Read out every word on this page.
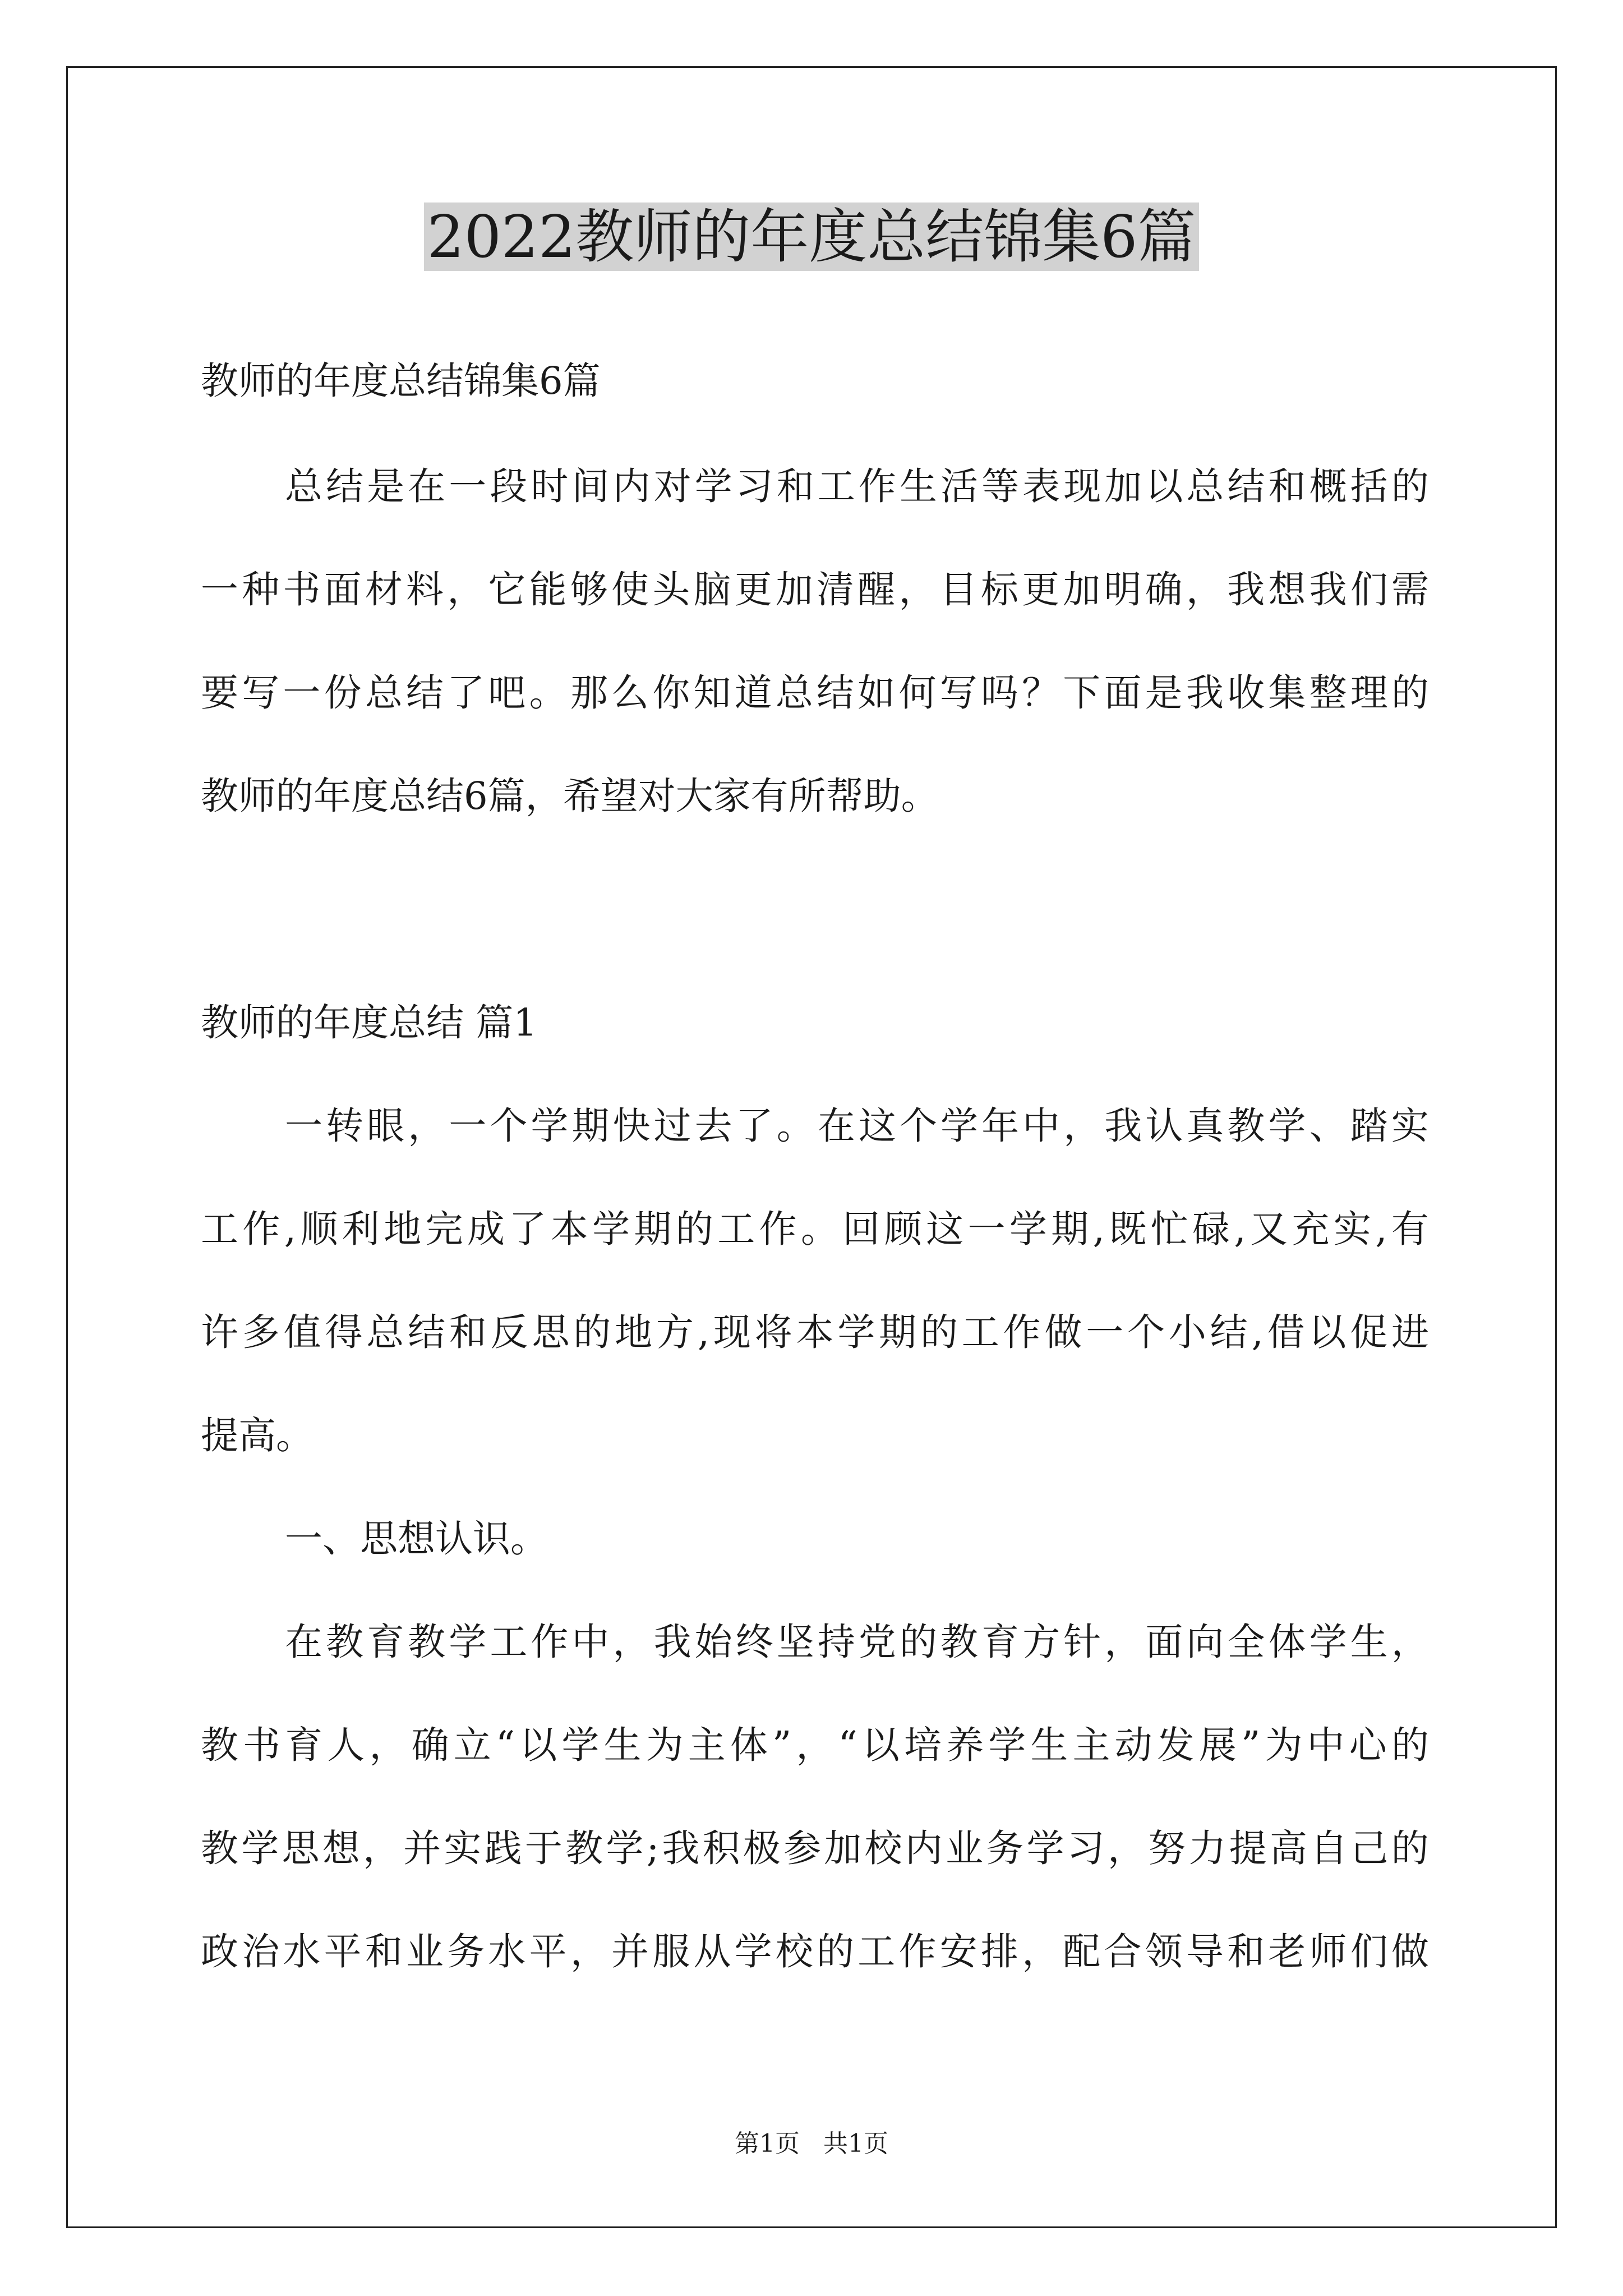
2022教师的年度总结锦集6篇
教师的年度总结锦集6篇
总 结 是 在 一 段 时 间 内 对 学 习 和 工 作 生 活 等 表 现 加 以 总 结 和 概 括 的
一 种 书 面 材 料 ， 它 能 够 使 头 脑 更 加 清 醒 ， 目 标 更 加 明 确 ， 我 想 我 们 需
要 写 一 份 总 结 了 吧 。 那 么 你 知 道 总 结 如 何 写 吗 ？ 下 面 是 我 收 集 整 理 的
教师的年度总结6篇，希望对大家有所帮助。
教师的年度总结 篇1
一 转 眼 ， 一 个 学 期 快 过 去 了 。 在 这 个 学 年 中 ， 我 认 真 教 学 、 踏 实
工 作 , 顺 利 地 完 成 了 本 学 期 的 工 作 。 回 顾 这 一 学 期 , 既 忙 碌 , 又 充 实 , 有
许 多 值 得 总 结 和 反 思 的 地 方 , 现 将 本 学 期 的 工 作 做 一 个 小 结 , 借 以 促 进
提高。
一、思想认识。
在 教 育 教 学 工 作 中 ， 我 始 终 坚 持 党 的 教 育 方 针 ， 面 向 全 体 学 生 ，
教 书 育 人 ， 确 立 “ 以 学 生 为 主 体 ” ， “ 以 培 养 学 生 主 动 发 展 ” 为 中 心 的
教 学 思 想 ， 并 实 践 于 教 学 ; 我 积 极 参 加 校 内 业 务 学 习 ， 努 力 提 高 自 己 的
政 治 水 平 和 业 务 水 平 ， 并 服 从 学 校 的 工 作 安 排 ， 配 合 领 导 和 老 师 们 做
第1页   共1页
